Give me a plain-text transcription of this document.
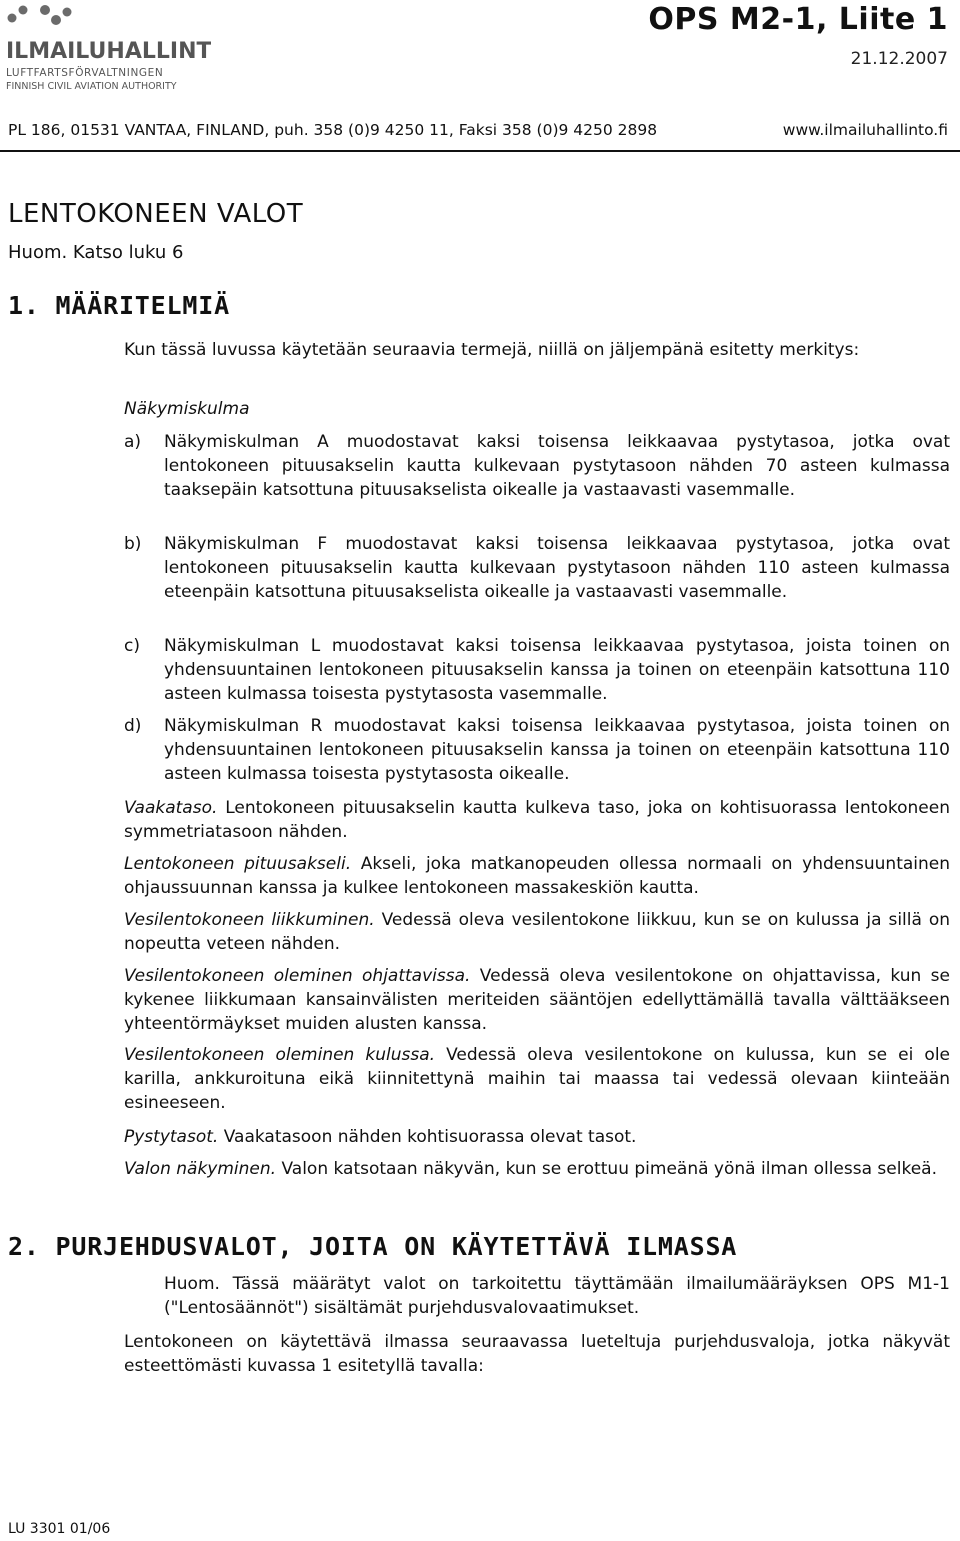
ILMAILUHALLINTO
LUFTFARTSFÖRVALTNINGEN
FINNISH CIVIL AVIATION AUTHORITY
OPS M2-1, Liite 1
21.12.2007
PL 186, 01531 VANTAA, FINLAND, puh. 358 (0)9 4250 11, Faksi 358 (0)9 4250 2898	www.ilmailuhallinto.fi
LENTOKONEEN VALOT
Huom. Katso luku 6
1. MÄÄRITELMIÄ
Kun tässä luvussa käytetään seuraavia termejä, niillä on jäljempänä esitetty merkitys:
Näkymiskulma
a) Näkymiskulman A muodostavat kaksi toisensa leikkaavaa pystytasoa, jotka ovat lentokoneen pituusakselin kautta kulkevaan pystytasoon nähden 70 asteen kulmassa taaksepäin katsottuna pituusakselista oikealle ja vastaavasti vasemmalle.
b) Näkymiskulman F muodostavat kaksi toisensa leikkaavaa pystytasoa, jotka ovat lentokoneen pituusakselin kautta kulkevaan pystytasoon nähden 110 asteen kulmassa eteenpäin katsottuna pituusakselista oikealle ja vastaavasti vasemmalle.
c) Näkymiskulman L muodostavat kaksi toisensa leikkaavaa pystytasoa, joista toinen on yhdensuuntainen lentokoneen pituusakselin kanssa ja toinen on eteenpäin katsottuna 110 asteen kulmassa toisesta pystytasosta vasemmalle.
d) Näkymiskulman R muodostavat kaksi toisensa leikkaavaa pystytasoa, joista toinen on yhdensuuntainen lentokoneen pituusakselin kanssa ja toinen on eteenpäin katsottuna 110 asteen kulmassa toisesta pystytasosta oikealle.
Vaakataso. Lentokoneen pituusakselin kautta kulkeva taso, joka on kohtisuorassa lentokoneen symmetriatasoon nähden.
Lentokoneen pituusakseli. Akseli, joka matkanopeuden ollessa normaali on yhdensuuntainen ohjaussuunnan kanssa ja kulkee lentokoneen massakeskiön kautta.
Vesilentokoneen liikkuminen. Vedessä oleva vesilentokone liikkuu, kun se on kulussa ja sillä on nopeutta veteen nähden.
Vesilentokoneen oleminen ohjattavissa. Vedessä oleva vesilentokone on ohjattavissa, kun se kykenee liikkumaan kansainvälisten meriteiden sääntöjen edellyttämällä tavalla välttääkseen yhteentörmäykset muiden alusten kanssa.
Vesilentokoneen oleminen kulussa. Vedessä oleva vesilentokone on kulussa, kun se ei ole karilla, ankkuroituna eikä kiinnitettynä maihin tai maassa tai vedessä olevaan kiinteään esineeseen.
Pystytasot. Vaakatasoon nähden kohtisuorassa olevat tasot.
Valon näkyminen. Valon katsotaan näkyvän, kun se erottuu pimeänä yönä ilman ollessa selkeä.
2. PURJEHDUSVALOT, JOITA ON KÄYTETTÄVÄ ILMASSA
Huom. Tässä määrätyt valot on tarkoitettu täyttämään ilmailumääräyksen OPS M1-1 ("Lentosäännöt") sisältämät purjehdusvalovaatimukset.
Lentokoneen on käytettävä ilmassa seuraavassa lueteltuja purjehdusvaloja, jotka näkyvät esteettömästi kuvassa 1 esitetyllä tavalla:
LU 3301 01/06
